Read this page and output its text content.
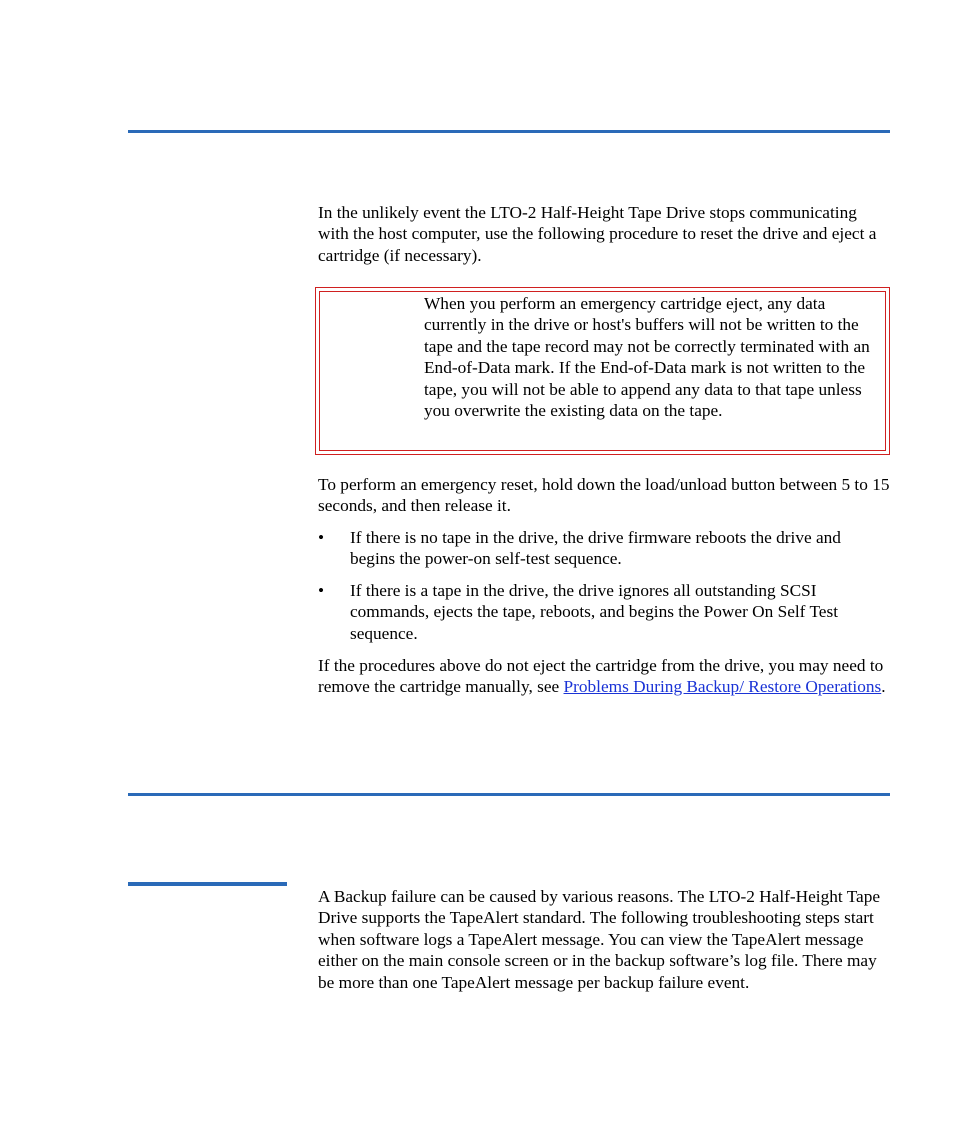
In the unlikely event the LTO-2 Half-Height Tape Drive stops communicating with the host computer, use the following procedure to reset the drive and eject a cartridge (if necessary).

When you perform an emergency cartridge eject, any data currently in the drive or host's buffers will not be written to the tape and the tape record may not be correctly terminated with an End-of-Data mark. If the End-of-Data mark is not written to the tape, you will not be able to append any data to that tape unless you overwrite the existing data on the tape.

To perform an emergency reset, hold down the load/unload button between 5 to 15 seconds, and then release it.

• If there is no tape in the drive, the drive firmware reboots the drive and begins the power-on self-test sequence.

• If there is a tape in the drive, the drive ignores all outstanding SCSI commands, ejects the tape, reboots, and begins the Power On Self Test sequence.

If the procedures above do not eject the cartridge from the drive, you may need to remove the cartridge manually, see Problems During Backup/ Restore Operations.

A Backup failure can be caused by various reasons. The LTO-2 Half-Height Tape Drive supports the TapeAlert standard. The following troubleshooting steps start when software logs a TapeAlert message. You can view the TapeAlert message either on the main console screen or in the backup software’s log file. There may be more than one TapeAlert message per backup failure event.
